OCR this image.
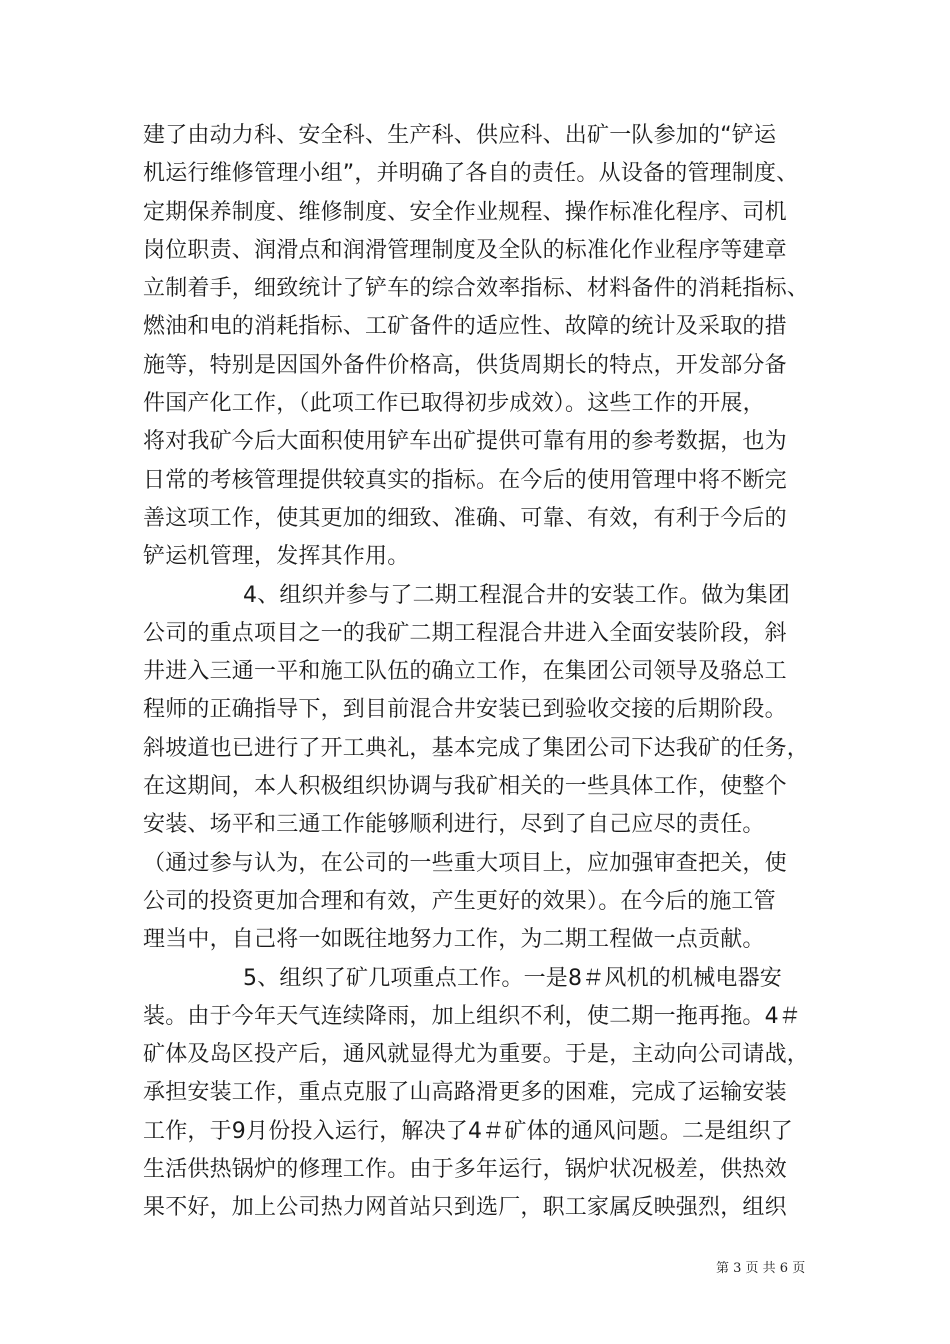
建了由动力科、安全科、生产科、供应科、出矿一队参加的“铲运
机运行维修管理小组”，并明确了各自的责任。从设备的管理制度、
定期保养制度、维修制度、安全作业规程、操作标准化程序、司机
岗位职责、润滑点和润滑管理制度及全队的标准化作业程序等建章
立制着手，细致统计了铲车的综合效率指标、材料备件的消耗指标、
燃油和电的消耗指标、工矿备件的适应性、故障的统计及采取的措
施等，特别是因国外备件价格高，供货周期长的特点，开发部分备
件国产化工作，（此项工作已取得初步成效）。这些工作的开展，
将对我矿今后大面积使用铲车出矿提供可靠有用的参考数据，也为
日常的考核管理提供较真实的指标。在今后的使用管理中将不断完
善这项工作，使其更加的细致、准确、可靠、有效，有利于今后的
铲运机管理，发挥其作用。
4、组织并参与了二期工程混合井的安装工作。做为集团
公司的重点项目之一的我矿二期工程混合井进入全面安装阶段，斜
井进入三通一平和施工队伍的确立工作，在集团公司领导及骆总工
程师的正确指导下，到目前混合井安装已到验收交接的后期阶段。
斜坡道也已进行了开工典礼，基本完成了集团公司下达我矿的任务，
在这期间，本人积极组织协调与我矿相关的一些具体工作，使整个
安装、场平和三通工作能够顺利进行，尽到了自己应尽的责任。
（通过参与认为，在公司的一些重大项目上，应加强审查把关，使
公司的投资更加合理和有效，产生更好的效果）。在今后的施工管
理当中，自己将一如既往地努力工作，为二期工程做一点贡献。
5、组织了矿几项重点工作。一是8＃风机的机械电器安
装。由于今年天气连续降雨，加上组织不利，使二期一拖再拖。4＃
矿体及岛区投产后，通风就显得尤为重要。于是，主动向公司请战，
承担安装工作，重点克服了山高路滑更多的困难，完成了运输安装
工作，于9月份投入运行，解决了4＃矿体的通风问题。二是组织了
生活供热锅炉的修理工作。由于多年运行，锅炉状况极差，供热效
果不好，加上公司热力网首站只到选厂，职工家属反映强烈，组织
第 3 页 共 6 页
